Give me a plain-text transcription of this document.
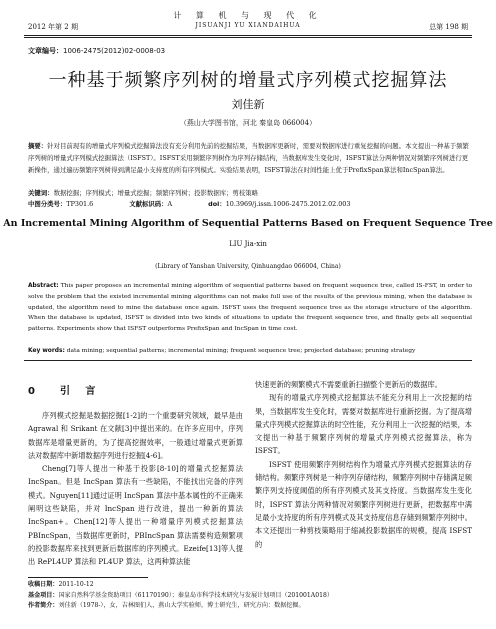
2012 年第 2 期
计 算 机 与 现 代 化
JISUANJI YU XIANDAIHUA	总第 198 期
文章编号：1006-2475(2012)02-0008-03
一种基于频繁序列树的增量式序列模式挖掘算法
刘佳新
（燕山大学图书馆，河北 秦皇岛 066004）
摘要：针对目前现有的增量式序列模式挖掘算法没有充分利用先前的挖掘结果，当数据库更新时，需要对数据库进行重复挖掘的问题。本文提出一种基于频繁序列树的增量式序列模式挖掘算法（ISFST）。ISFST采用频繁序列树作为序列存储结构，当数据库发生变化时，ISFST算法分两种情况对频繁序列树进行更新操作，通过遍历频繁序列树得到满足最小支持度的所有序列模式。实验结果表明，ISFST算法在时间性能上优于PrefixSpan算法和IncSpan算法。
关键词：数据挖掘；序列模式；增量式挖掘；频繁序列树；投影数据库；剪枝策略
中图分类号：TP301.6	文献标识码：A	doi：10.3969/j.issn.1006-2475.2012.02.003
An Incremental Mining Algorithm of Sequential Patterns Based on Frequent Sequence Tree
LIU Jia-xin
(Library of Yanshan University, Qinhuangdao 066004, China)
Abstract: This paper proposes an incremental mining algorithm of sequential patterns based on frequent sequence tree, called IS-FST, in order to solve the problem that the existed incremental mining algorithms can not make full use of the results of the previous mining, when the database is updated, the algorithm need to mine the database once again. ISFST uses the frequent sequence tree as the storage structure of the algorithm. When the database is updated, ISFST is divided into two kinds of situations to update the frequent sequence tree, and finally gets all sequential patterns. Experiments show that ISFST outperforms PrefixSpan and IncSpan in time cost.
Key words: data mining; sequential patterns; incremental mining; frequent sequence tree; projected database; pruning strategy
0 引 言

序列模式挖掘是数据挖掘[1-2]的一个重要研究领域，最早是由 Agrawal 和 Srikant 在文献[3]中提出来的。在许多应用中，序列数据库是增量更新的，为了提高挖掘效率，一般通过增量式更新算法对数据库中新增数据序列进行挖掘[4-6]。

Cheng[7]等人提出一种基于投影[8-10]的增量式挖掘算法 IncSpan。但是 IncSpan 算法有一些缺陷，不能找出完备的序列模式。Nguyen[11]通过证明 IncSpan 算法中基本属性的不正确来阐明这些缺陷，并对 IncSpan 进行改进，提出一种新的算法 IncSpan+。Chen[12]等人提出一种增量序列模式挖掘算法 PBIncSpan，当数据库更新时，PBIncSpan 算法需要构造频繁项的投影数据库来找到更新后数据库的序列模式。Ezeife[13]等人提出 RePL4UP 算法和 PL4UP 算法，这两种算法能

快速更新的频繁模式不需要重新扫描整个更新后的数据库。

现有的增量式序列模式挖掘算法不能充分利用上一次挖掘的结果，当数据库发生变化时，需要对数据库进行重新挖掘。为了提高增量式序列模式挖掘算法的时空性能，充分利用上一次挖掘的结果，本文提出一种基于频繁序列树的增量式序列模式挖掘算法，称为 ISFST。

ISFST 使用频繁序列树结构作为增量式序列模式挖掘算法的存储结构。频繁序列树是一种序列存储结构，频繁序列树中存储满足频繁序列支持度阈值的所有序列模式及其支持度。当数据库发生变化时，ISFST 算法分两种情况对频繁序列树进行更新，把数据库中满足最小支持度的所有序列模式及其支持度信息存储到频繁序列树中。本文还提出一种剪枝策略用于缩减投影数据库的规模，提高 ISFST 的

收稿日期：2011-10-12
基金项目：国家自然科学基金资助项目（61170190）；秦皇岛市科学技术研究与发展计划项目（201001A018）
作者简介：刘佳新（1978-），女，吉林图们人，燕山大学实验师，博士研究生，研究方向：数据挖掘。
